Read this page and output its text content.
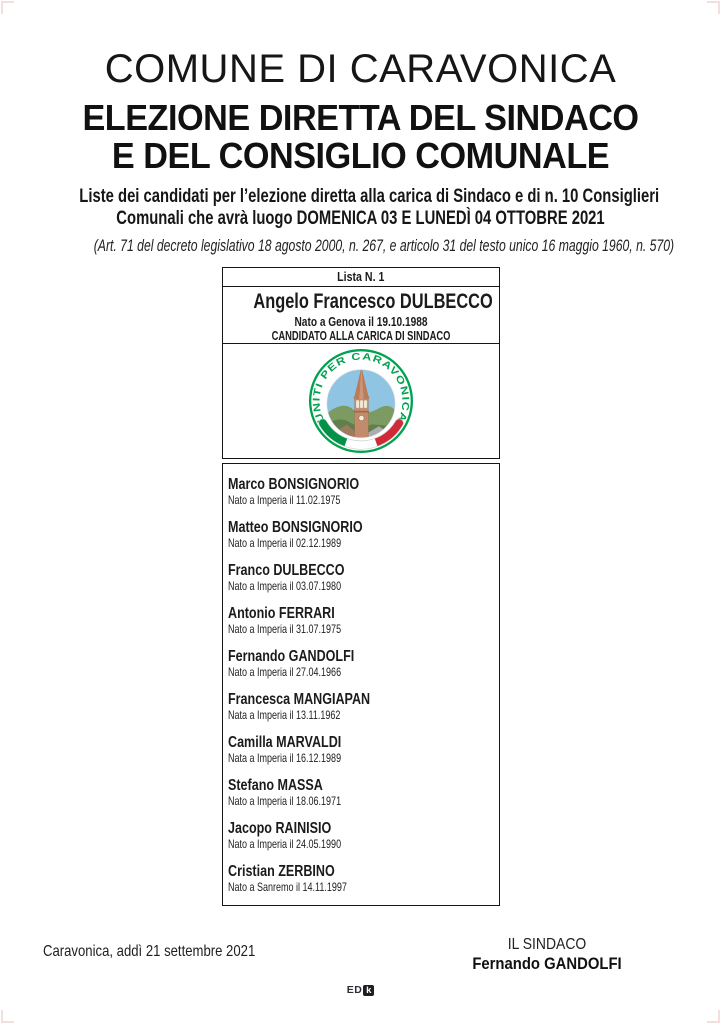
COMUNE DI CARAVONICA
ELEZIONE DIRETTA DEL SINDACO
E DEL CONSIGLIO COMUNALE
Liste dei candidati per l’elezione diretta alla carica di Sindaco e di n. 10 Consiglieri
Comunali che avrà luogo DOMENICA 03 E LUNEDÌ 04 OTTOBRE 2021
(Art. 71 del decreto legislativo 18 agosto 2000, n. 267, e articolo 31 del testo unico 16 maggio 1960, n. 570)
Lista N. 1
Angelo Francesco DULBECCO
Nato a Genova il 19.10.1988
CANDIDATO ALLA CARICA DI SINDACO
UNITI PER CARAVONICA
Marco BONSIGNORIO
Nato a Imperia il 11.02.1975
Matteo BONSIGNORIO
Nato a Imperia il 02.12.1989
Franco DULBECCO
Nato a Imperia il 03.07.1980
Antonio FERRARI
Nato a Imperia il 31.07.1975
Fernando GANDOLFI
Nato a Imperia il 27.04.1966
Francesca MANGIAPAN
Nata a Imperia il 13.11.1962
Camilla MARVALDI
Nata a Imperia il 16.12.1989
Stefano MASSA
Nato a Imperia il 18.06.1971
Jacopo RAINISIO
Nato a Imperia il 24.05.1990
Cristian ZERBINO
Nato a Sanremo il 14.11.1997
Caravonica, addì 21 settembre 2021	IL SINDACO
Fernando GANDOLFI
ED k
